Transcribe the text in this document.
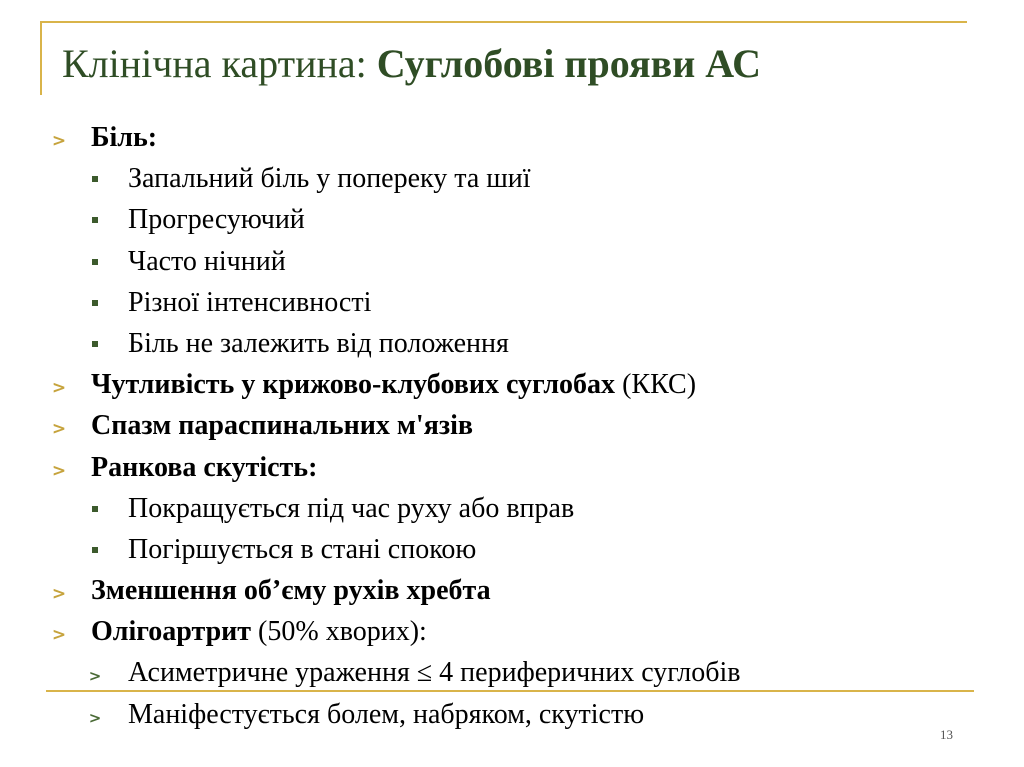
Клінічна картина: Суглобові прояви АС
> Біль:
Запальний біль у попереку та шиї
Прогресуючий
Часто нічний
Різної інтенсивності
Біль не залежить від положення
> Чутливість у крижово-клубових суглобах (ККС)
> Спазм параспинальних м'язів
> Ранкова скутість:
Покращується під час руху або вправ
Погіршується в стані спокою
> Зменшення об’єму рухів хребта
> Олігоартрит (50% хворих):
> Асиметричне ураження ≤ 4 периферичних суглобів
> Маніфестується болем, набряком, скутістю
13
